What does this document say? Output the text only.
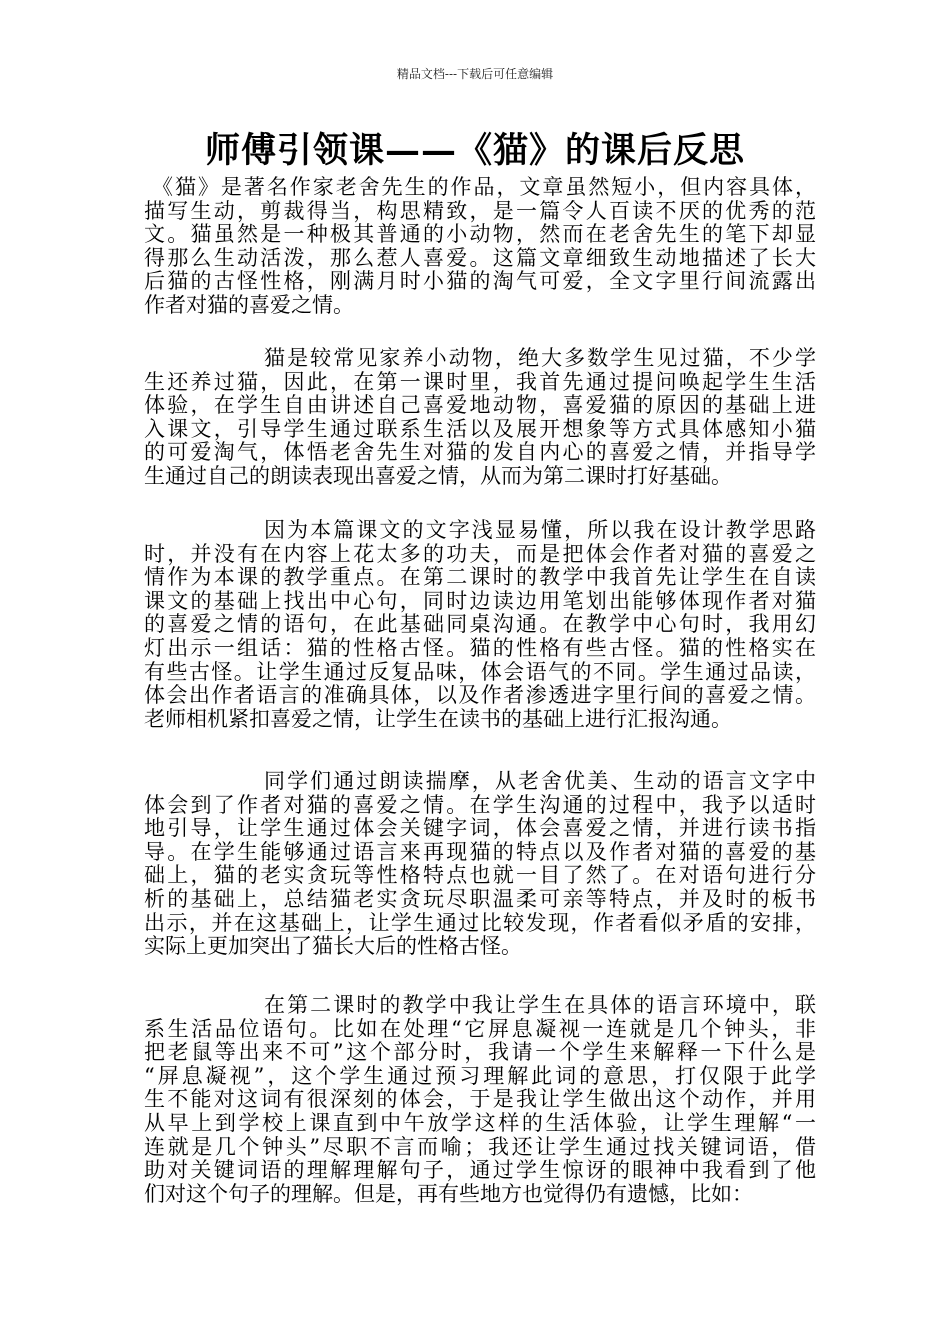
精品文档---下载后可任意编辑
师傅引领课——《猫》的课后反思
《猫》是著名作家老舍先生的作品，文章虽然短小，但内容具体，
描写生动，剪裁得当，构思精致，是一篇令人百读不厌的优秀的范
文。猫虽然是一种极其普通的小动物，然而在老舍先生的笔下却显
得那么生动活泼，那么惹人喜爱。这篇文章细致生动地描述了长大
后猫的古怪性格，刚满月时小猫的淘气可爱，全文字里行间流露出
作者对猫的喜爱之情。
猫是较常见家养小动物，绝大多数学生见过猫，不少学
生还养过猫，因此，在第一课时里，我首先通过提问唤起学生生活
体验，在学生自由讲述自己喜爱地动物，喜爱猫的原因的基础上进
入课文，引导学生通过联系生活以及展开想象等方式具体感知小猫
的可爱淘气，体悟老舍先生对猫的发自内心的喜爱之情，并指导学
生通过自己的朗读表现出喜爱之情，从而为第二课时打好基础。
因为本篇课文的文字浅显易懂，所以我在设计教学思路
时，并没有在内容上花太多的功夫，而是把体会作者对猫的喜爱之
情作为本课的教学重点。在第二课时的教学中我首先让学生在自读
课文的基础上找出中心句，同时边读边用笔划出能够体现作者对猫
的喜爱之情的语句，在此基础同桌沟通。在教学中心句时，我用幻
灯出示一组话：猫的性格古怪。猫的性格有些古怪。猫的性格实在
有些古怪。让学生通过反复品味，体会语气的不同。学生通过品读，
体会出作者语言的准确具体，以及作者渗透进字里行间的喜爱之情。
老师相机紧扣喜爱之情，让学生在读书的基础上进行汇报沟通。
同学们通过朗读揣摩，从老舍优美、生动的语言文字中
体会到了作者对猫的喜爱之情。在学生沟通的过程中，我予以适时
地引导，让学生通过体会关键字词，体会喜爱之情，并进行读书指
导。在学生能够通过语言来再现猫的特点以及作者对猫的喜爱的基
础上，猫的老实贪玩等性格特点也就一目了然了。在对语句进行分
析的基础上，总结猫老实贪玩尽职温柔可亲等特点，并及时的板书
出示，并在这基础上，让学生通过比较发现，作者看似矛盾的安排，
实际上更加突出了猫长大后的性格古怪。
在第二课时的教学中我让学生在具体的语言环境中，联
系生活品位语句。比如在处理“它屏息凝视一连就是几个钟头，非
把老鼠等出来不可”这个部分时，我请一个学生来解释一下什么是
“屏息凝视”，这个学生通过预习理解此词的意思，打仅限于此学
生不能对这词有很深刻的体会，于是我让学生做出这个动作，并用
从早上到学校上课直到中午放学这样的生活体验，让学生理解“一
连就是几个钟头”尽职不言而喻；我还让学生通过找关键词语，借
助对关键词语的理解理解句子，通过学生惊讶的眼神中我看到了他
们对这个句子的理解。但是，再有些地方也觉得仍有遗憾，比如：
